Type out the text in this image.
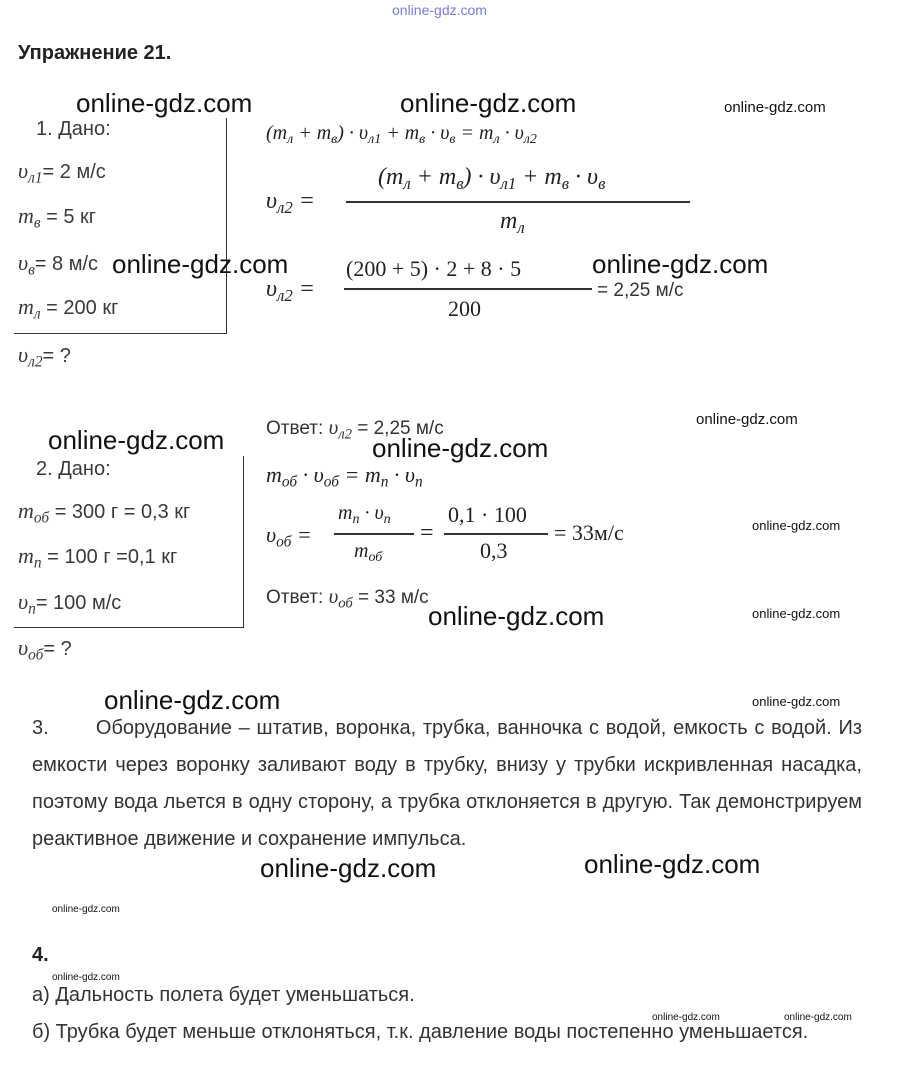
online-gdz.com
Упражнение 21.
1. Дано:
$\upsilon_{л1}= 2$ м/с
$m_в = 5$ кг
$\upsilon_в= 8$ м/с
$m_л = 200$ кг
$\upsilon_{л2}=$ ?
$(m_л + m_в) \cdot \upsilon_{л1} + m_в \cdot \upsilon_в = m_л \cdot \upsilon_{л2}$
$\upsilon_{л2}$ =
$(m_л + m_в) \cdot \upsilon_{л1} + m_в \cdot \upsilon_в$
$m_л$
$\upsilon_{л2}$ =
(200 + 5) · 2 + 8 · 5
200
= 2,25 м/с
Ответ: $\upsilon_{л2} = 2,25$ м/с
2. Дано:
$m_{об} = 300$ г = 0,3 кг
$m_п = 100$ г =0,1 кг
$\upsilon_п= 100$ м/с
$\upsilon_{об}=$ ?
$m_{об} \cdot \upsilon_{об} = m_п \cdot \upsilon_п$
$\upsilon_{об}$ =
$m_п \cdot \upsilon_п$
$m_{об}$
=
0,1 · 100
0,3
= 33м/с
Ответ: $\upsilon_{об} = 33$ м/с
3. Оборудование – штатив, воронка, трубка, ванночка с водой, емкость с водой. Из емкости через воронку заливают воду в трубку, внизу у трубки искривленная насадка, поэтому вода льется в одну сторону, а трубка отклоняется в другую. Так демонстрируем реактивное движение и сохранение импульса.
4.
а) Дальность полета будет уменьшаться.
б) Трубка будет меньше отклоняться, т.к. давление воды постепенно уменьшается.
online-gdz.com	online-gdz.com	online-gdz.com
online-gdz.com	online-gdz.com
online-gdz.com
online-gdz.com	online-gdz.com
online-gdz.com
online-gdz.com	online-gdz.com
online-gdz.com	online-gdz.com
online-gdz.com	online-gdz.com
online-gdz.com
online-gdz.com
online-gdz.com	online-gdz.com
